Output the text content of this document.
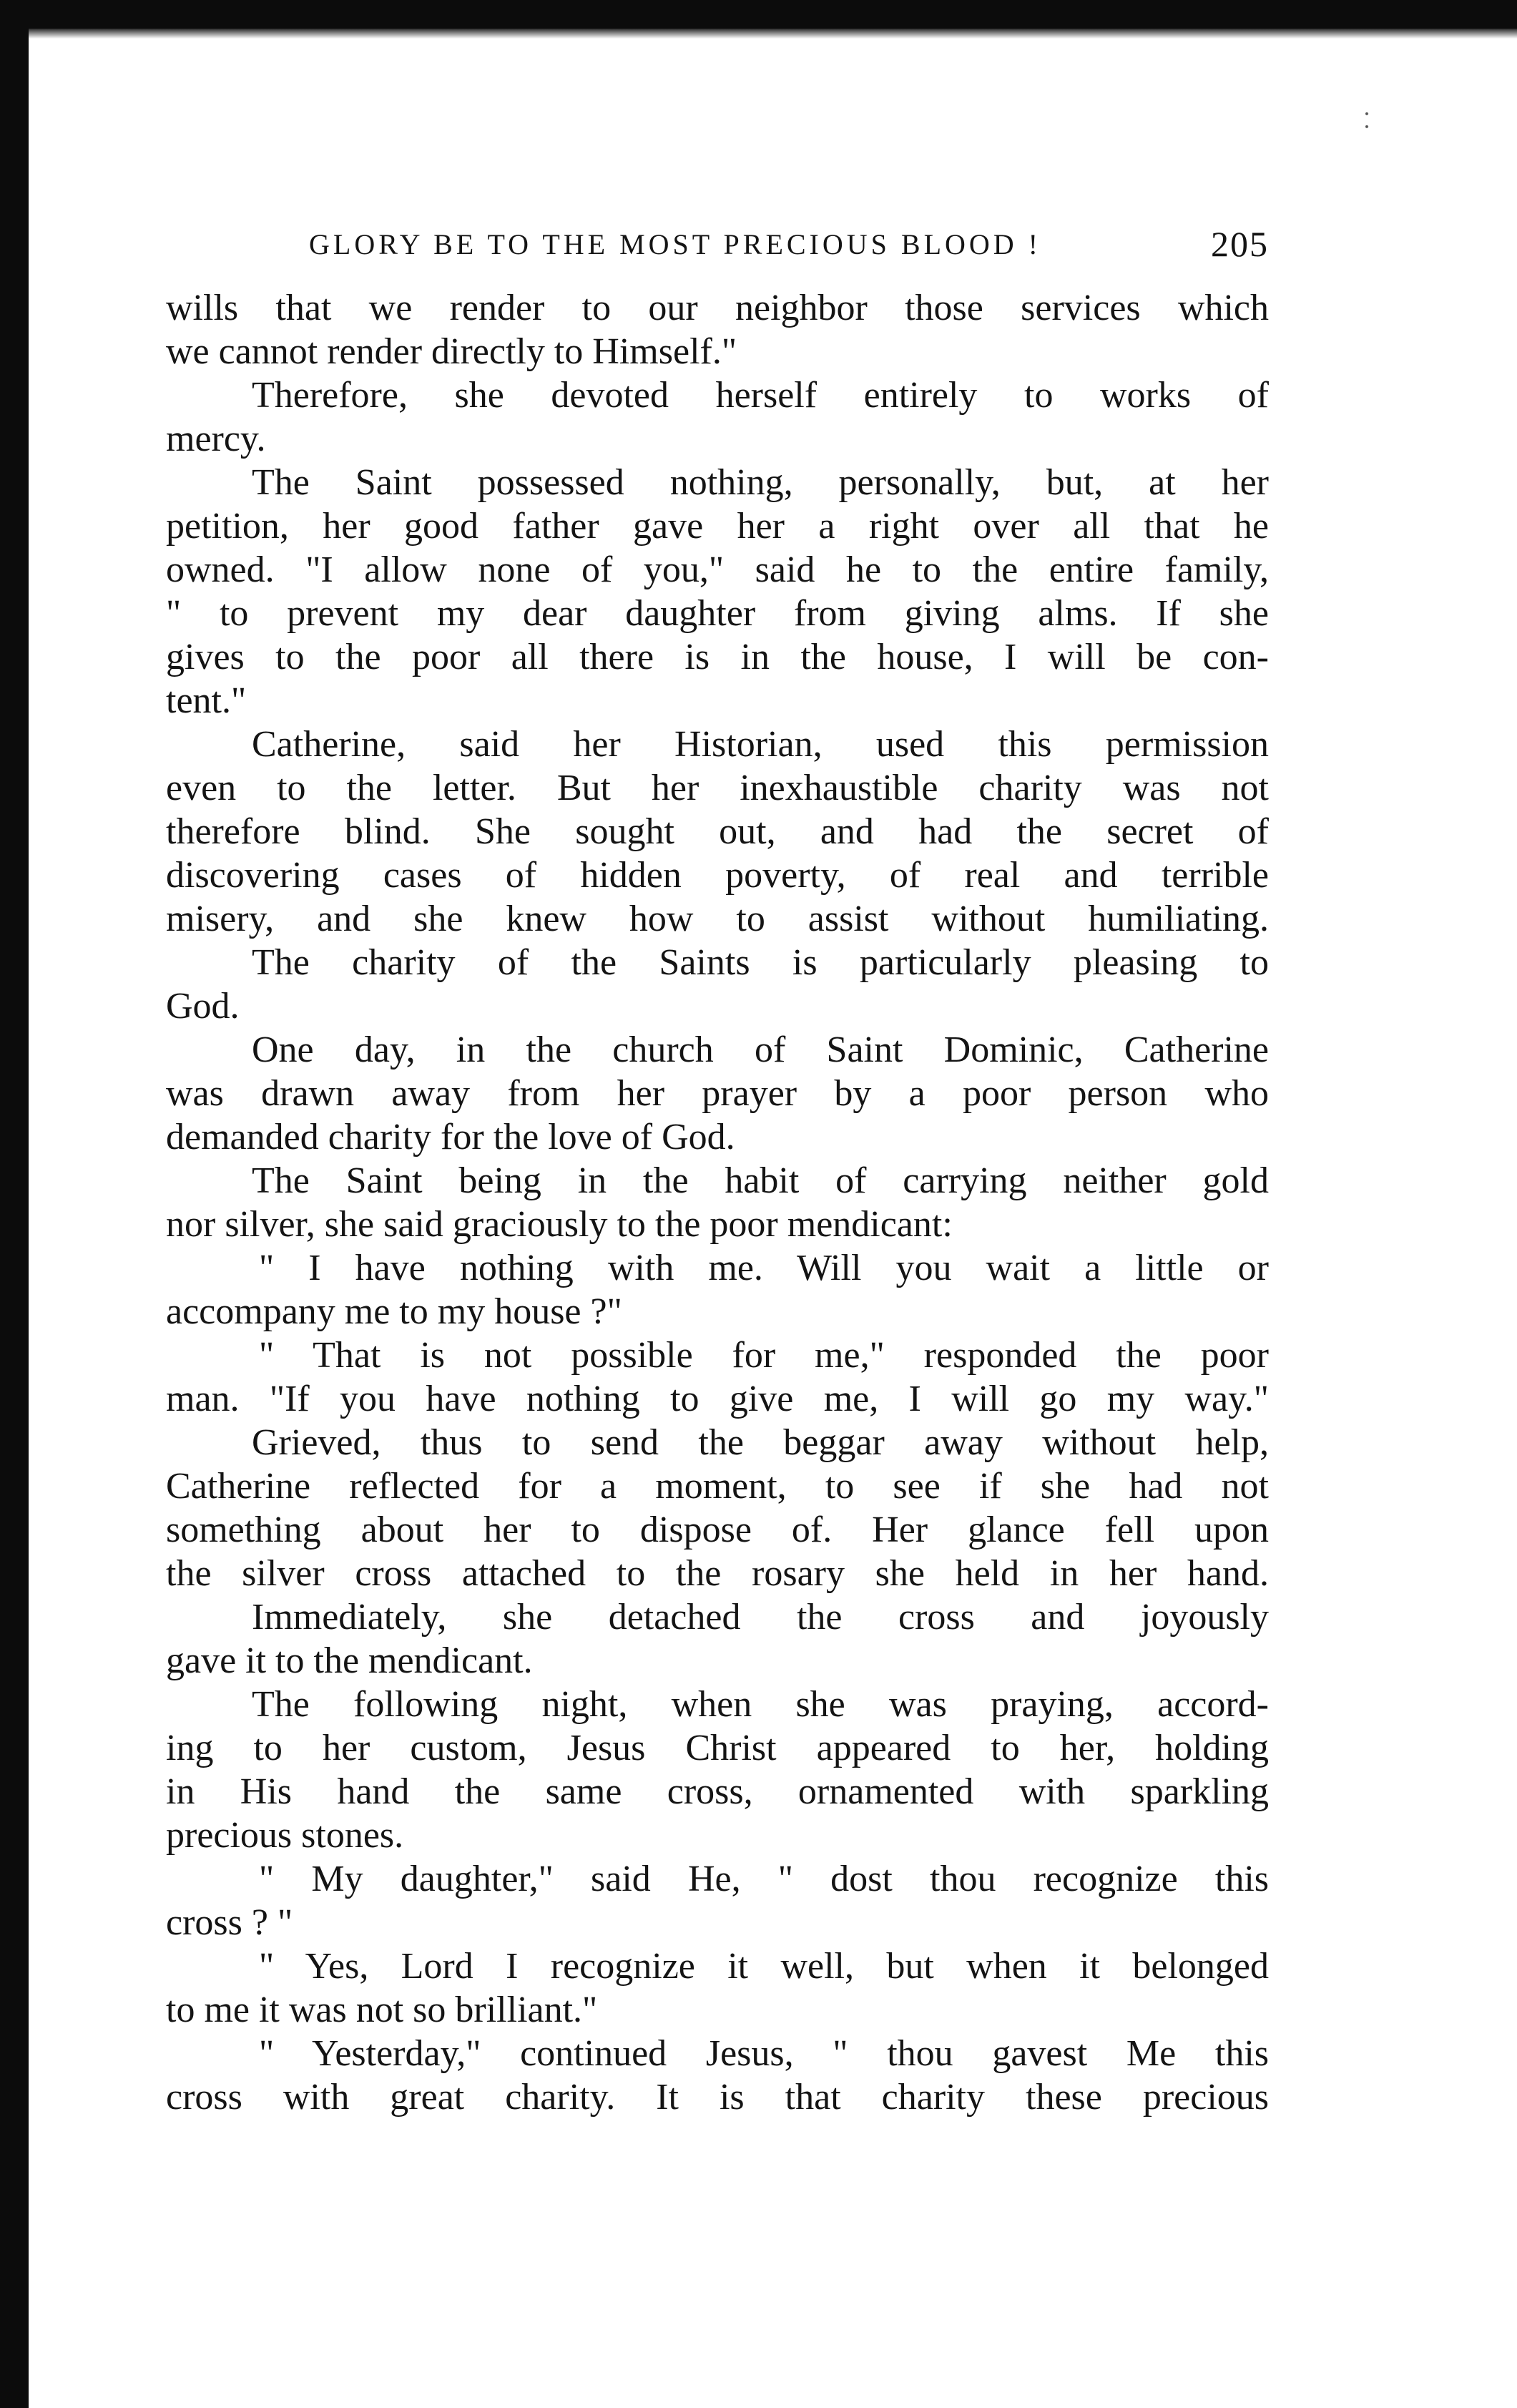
GLORY BE TO THE MOST PRECIOUS BLOOD !	205
wills that we render to our neighbor those services which
we cannot render directly to Himself."
Therefore, she devoted herself entirely to works of
mercy.
The Saint possessed nothing, personally, but, at her
petition, her good father gave her a right over all that he
owned. "I allow none of you," said he to the entire family,
" to prevent my dear daughter from giving alms. If she
gives to the poor all there is in the house, I will be con-
tent."
Catherine, said her Historian, used this permission
even to the letter. But her inexhaustible charity was not
therefore blind. She sought out, and had the secret of
discovering cases of hidden poverty, of real and terrible
misery, and she knew how to assist without humiliating.
The charity of the Saints is particularly pleasing to
God.
One day, in the church of Saint Dominic, Catherine
was drawn away from her prayer by a poor person who
demanded charity for the love of God.
The Saint being in the habit of carrying neither gold
nor silver, she said graciously to the poor mendicant:
" I have nothing with me. Will you wait a little or
accompany me to my house ?"
" That is not possible for me," responded the poor
man. "If you have nothing to give me, I will go my way."
Grieved, thus to send the beggar away without help,
Catherine reflected for a moment, to see if she had not
something about her to dispose of. Her glance fell upon
the silver cross attached to the rosary she held in her hand.
Immediately, she detached the cross and joyously
gave it to the mendicant.
The following night, when she was praying, accord-
ing to her custom, Jesus Christ appeared to her, holding
in His hand the same cross, ornamented with sparkling
precious stones.
" My daughter," said He, " dost thou recognize this
cross ? "
" Yes, Lord I recognize it well, but when it belonged
to me it was not so brilliant."
" Yesterday," continued Jesus, " thou gavest Me this
cross with great charity. It is that charity these precious
